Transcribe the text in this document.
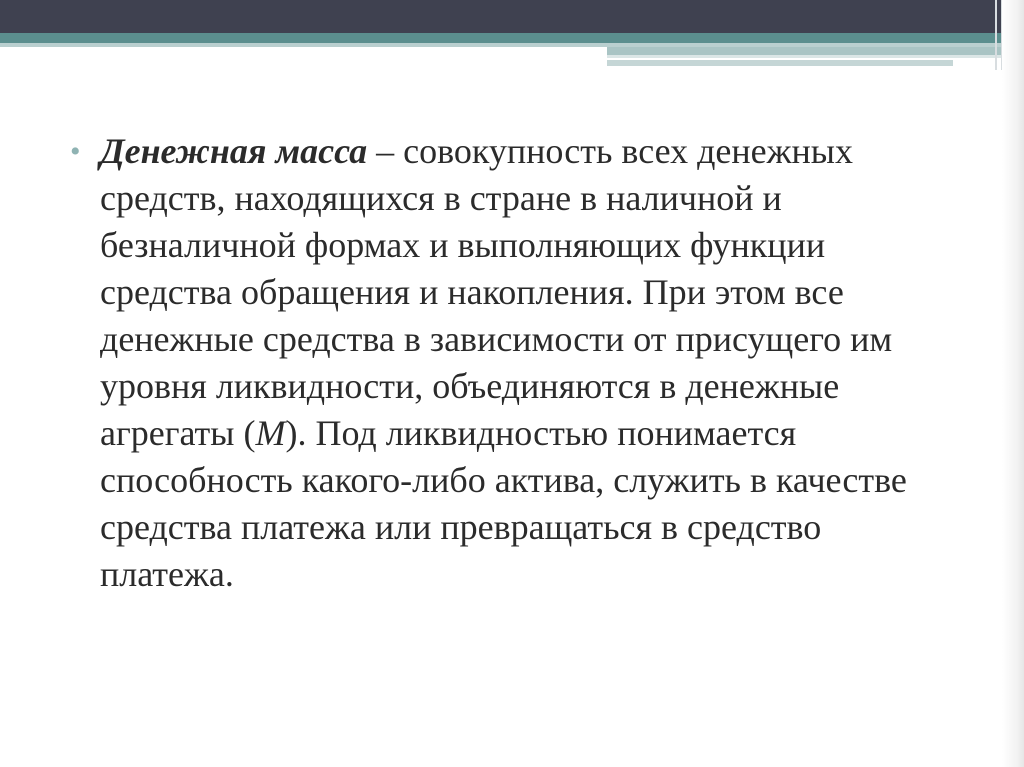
• Денежная масса – совокупность всех денежных средств, находящихся в стране в наличной и безналичной формах и выполняющих функции средства обращения и накопления. При этом все денежные средства в зависимости от присущего им уровня ликвидности, объединяются в денежные агрегаты (М). Под ликвидностью понимается способность какого-либо актива, служить в качестве средства платежа или превращаться в средство платежа.
